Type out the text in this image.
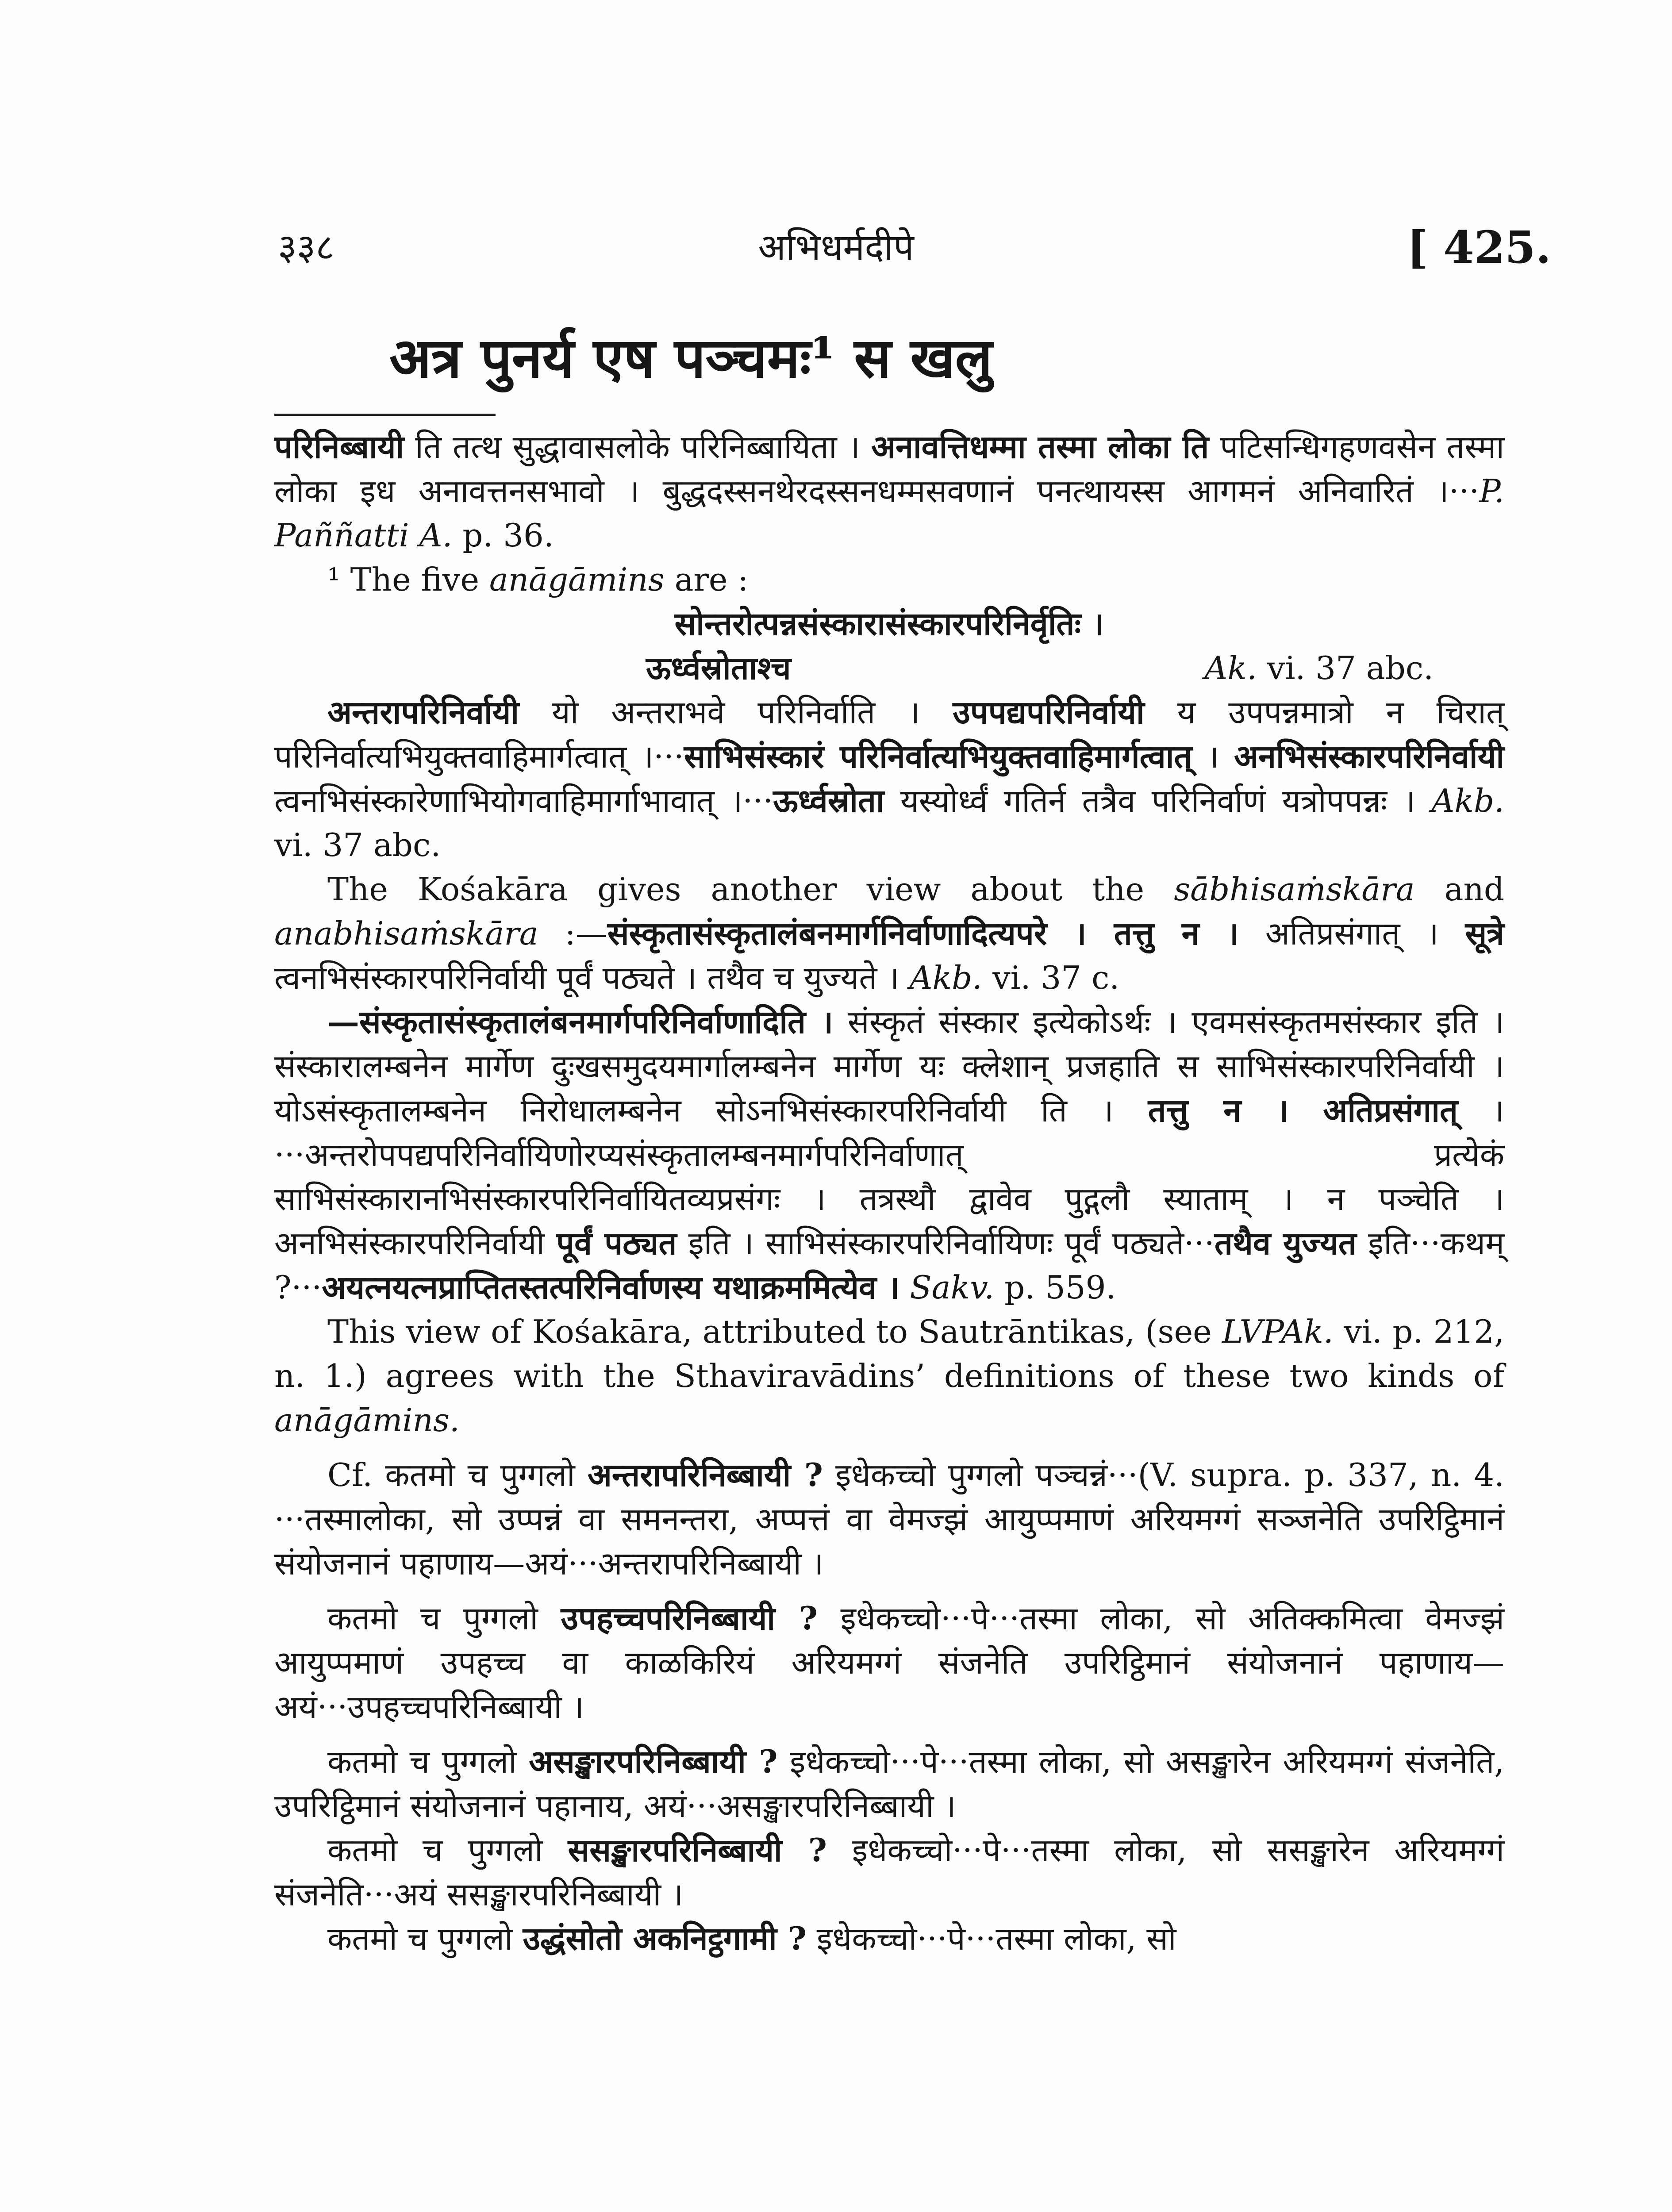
३३८	अभिधर्मदीपे	[ 425.
अत्र पुनर्य एष पञ्चमः¹ स खलु

परिनिब्बायी ति तत्थ सुद्धावासलोके परिनिब्बायिता । अनावत्तिधम्मा तस्मा लोका ति पटिसन्धिगहणवसेन तस्मा लोका इध अनावत्तनसभावो । बुद्धदस्सनथेरदस्सनधम्मसवणानं पनत्थायस्स आगमनं अनिवारितं ।···P. Paññatti A. p. 36.

¹ The five anāgāmins are :

सोन्तरोत्पन्नसंस्कारासंस्कारपरिनिर्वृतिः ।

ऊर्ध्वस्रोताश्च	Ak. vi. 37 abc.

अन्तरापरिनिर्वायी यो अन्तराभवे परिनिर्वाति । उपपद्यपरिनिर्वायी य उपपन्नमात्रो न चिरात् परिनिर्वात्यभियुक्तवाहिमार्गत्वात् ।···साभिसंस्कारं परिनिर्वात्यभियुक्तवाहिमार्गत्वात् । अनभिसंस्कारपरिनिर्वायी त्वनभिसंस्कारेणाभियोगवाहिमार्गाभावात् ।···ऊर्ध्वस्रोता यस्योर्ध्वं गतिर्न तत्रैव परिनिर्वाणं यत्रोपपन्नः । Akb. vi. 37 abc.

The Kośakāra gives another view about the sābhisaṁskāra and anabhisaṁskāra :—संस्कृतासंस्कृतालंबनमार्गनिर्वाणादित्यपरे । तत्तु न । अतिप्रसंगात् । सूत्रे त्वनभिसंस्कारपरिनिर्वायी पूर्वं पठ्यते । तथैव च युज्यते । Akb. vi. 37 c.

—संस्कृतासंस्कृतालंबनमार्गपरिनिर्वाणादिति । संस्कृतं संस्कार इत्येकोऽर्थः । एवमसंस्कृतमसंस्कार इति । संस्कारालम्बनेन मार्गेण दुःखसमुदयमार्गालम्बनेन मार्गेण यः क्लेशान् प्रजहाति स साभिसंस्कारपरिनिर्वायी । योऽसंस्कृतालम्बनेन निरोधालम्बनेन सोऽनभिसंस्कारपरिनिर्वायी ति । तत्तु न । अतिप्रसंगात् ।···अन्तरोपपद्यपरिनिर्वायिणोरप्यसंस्कृतालम्बनमार्गपरिनिर्वाणात् प्रत्येकं साभिसंस्कारानभिसंस्कारपरिनिर्वायितव्यप्रसंगः । तत्रस्थौ द्वावेव पुद्गलौ स्याताम् । न पञ्चेति । अनभिसंस्कारपरिनिर्वायी पूर्वं पठ्यत इति । साभिसंस्कारपरिनिर्वायिणः पूर्वं पठ्यते···तथैव युज्यत इति···कथम् ?···अयत्नयत्नप्राप्तितस्तत्परिनिर्वाणस्य यथाक्रममित्येव । Sakv. p. 559.

This view of Kośakāra, attributed to Sautrāntikas, (see LVPAk. vi. p. 212, n. 1.) agrees with the Sthaviravādins’ definitions of these two kinds of anāgāmins.

Cf. कतमो च पुग्गलो अन्तरापरिनिब्बायी ? इधेकच्चो पुग्गलो पञ्चन्नं···(V. supra. p. 337, n. 4. ···तस्मालोका, सो उप्पन्नं वा समनन्तरा, अप्पत्तं वा वेमज्झं आयुप्पमाणं अरियमग्गं सञ्जनेति उपरिट्ठिमानं संयोजनानं पहाणाय—अयं···अन्तरापरिनिब्बायी ।

कतमो च पुग्गलो उपहच्चपरिनिब्बायी ? इधेकच्चो···पे···तस्मा लोका, सो अतिक्कमित्वा वेमज्झं आयुप्पमाणं उपहच्च वा काळकिरियं अरियमग्गं संजनेति उपरिट्ठिमानं संयोजनानं पहाणाय—अयं···उपहच्चपरिनिब्बायी ।

कतमो च पुग्गलो असङ्खारपरिनिब्बायी ? इधेकच्चो···पे···तस्मा लोका, सो असङ्खारेन अरियमग्गं संजनेति, उपरिट्ठिमानं संयोजनानं पहानाय, अयं···असङ्खारपरिनिब्बायी ।

कतमो च पुग्गलो ससङ्खारपरिनिब्बायी ? इधेकच्चो···पे···तस्मा लोका, सो ससङ्खारेन अरियमग्गं संजनेति···अयं ससङ्खारपरिनिब्बायी ।

कतमो च पुग्गलो उद्धंसोतो अकनिट्ठगामी ? इधेकच्चो···पे···तस्मा लोका, सो
